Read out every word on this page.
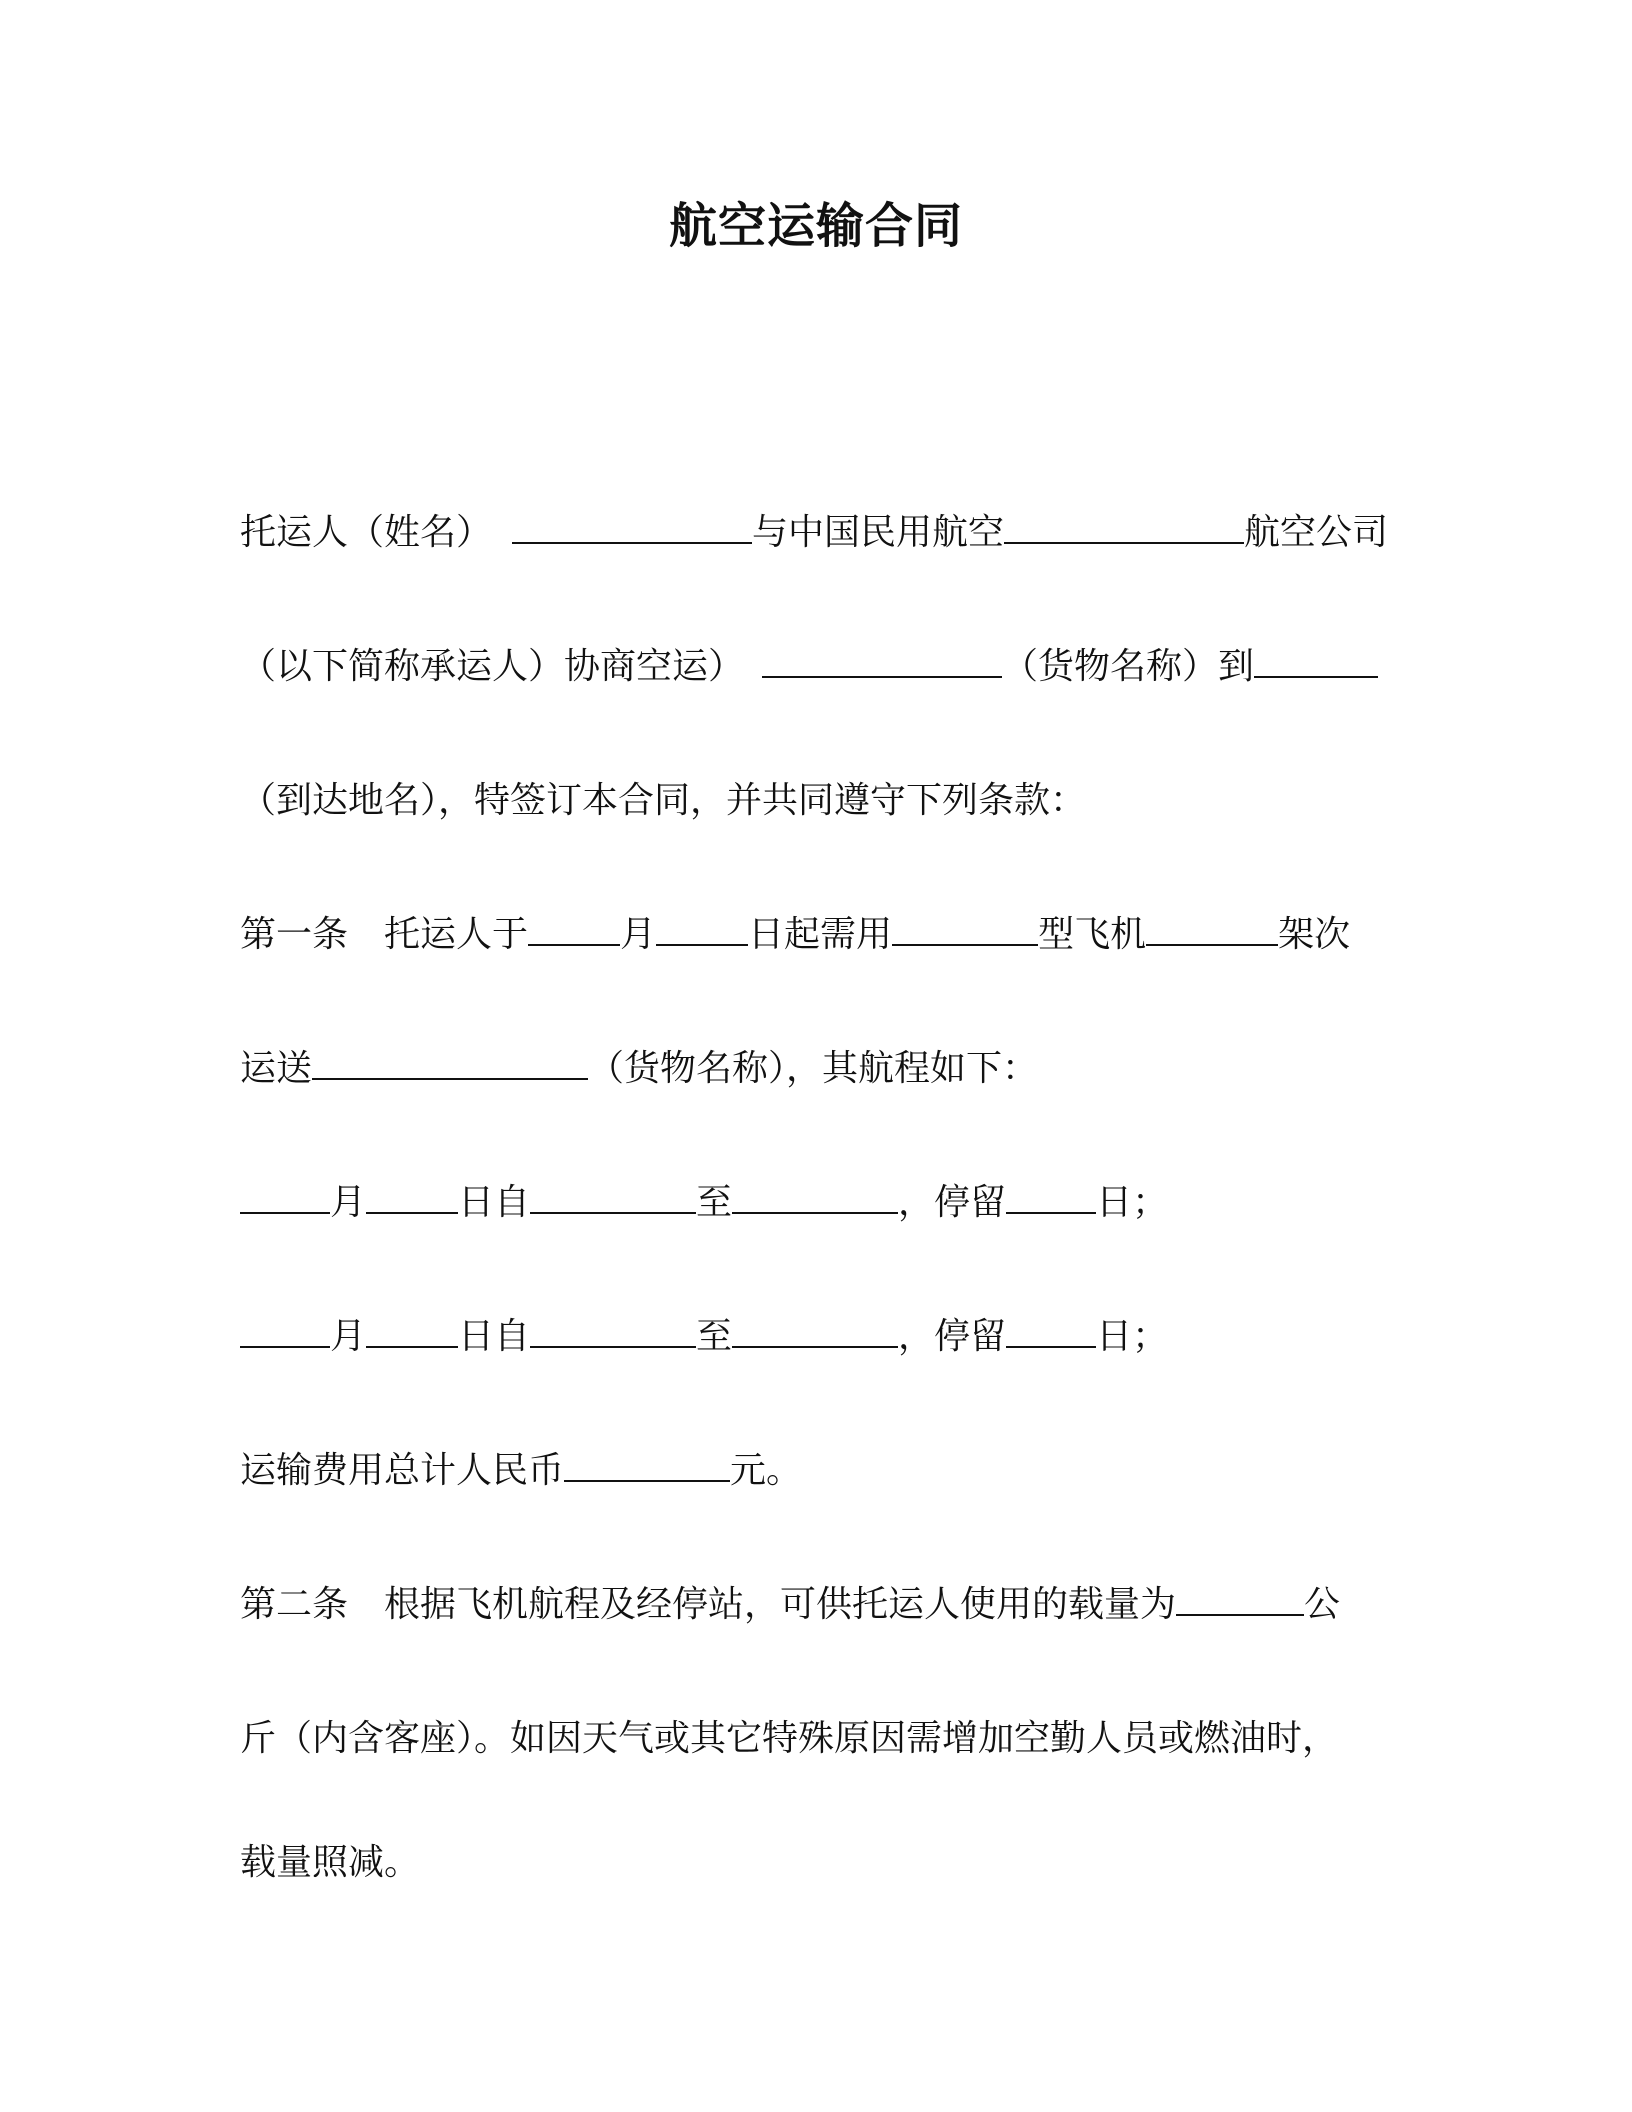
航空运输合同
托运人（姓名）	与中国民用航空	航空公司
（以下简称承运人）协商空运）	（货物名称）到
（到达地名），特签订本合同，并共同遵守下列条款：
第一条 托运人于	月	日起需用	型飞机	架次
运送	（货物名称），其航程如下：
月	日自	至	，停留	日；
月	日自	至	，停留	日；
运输费用总计人民币	元。
第二条 根据飞机航程及经停站，可供托运人使用的载量为	公
斤（内含客座）。如因天气或其它特殊原因需增加空勤人员或燃油时，
载量照减。
